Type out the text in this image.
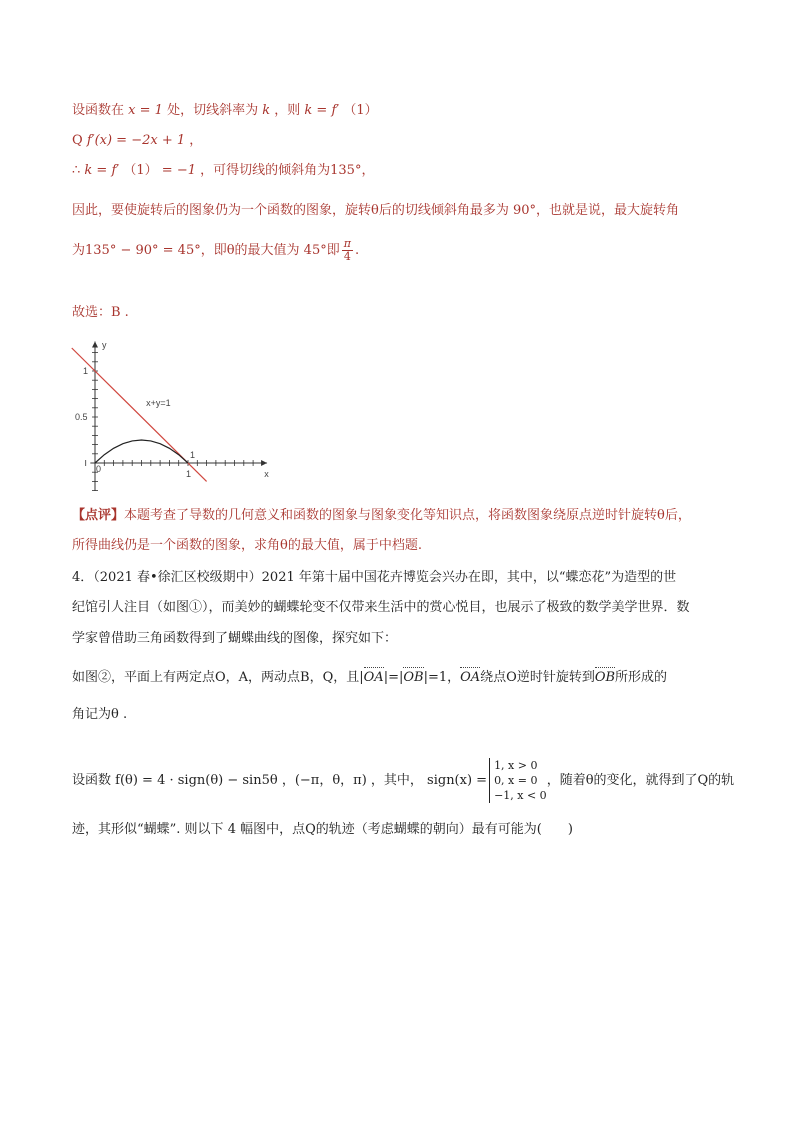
设函数在 x = 1 处，切线斜率为 k ，则 k = f′ （1）
Q f′(x) = −2x + 1 ，
∴ k = f′ （1） = −1 ，可得切线的倾斜角为135°，
因此，要使旋转后的图象仍为一个函数的图象，旋转θ后的切线倾斜角最多为 90°，也就是说，最大旋转角
为135° − 90° = 45°，即θ的最大值为 45°即 $\frac{\pi}{4}$ .
故选：B .
1
0.5
1
0
1
x
y
x+y=1
【点评】本题考查了导数的几何意义和函数的图象与图象变化等知识点，将函数图象绕原点逆时针旋转θ后，
所得曲线仍是一个函数的图象，求角θ的最大值，属于中档题.
4．（2021 春•徐汇区校级期中）2021 年第十届中国花卉博览会兴办在即，其中，以“蝶恋花”为造型的世
纪馆引人注目（如图①），而美妙的蝴蝶轮变不仅带来生活中的赏心悦目，也展示了极致的数学美学世界．数
学家曾借助三角函数得到了蝴蝶曲线的图像，探究如下：
如图②，平面上有两定点O，A，两动点B，Q，且|OA|=|OB|=1，OA绕点O逆时针旋转到OB所形成的
角记为θ .
设函数 f(θ) = 4 · sign(θ) − sin5θ ，(−π，θ，π) ，其中， sign(x) =
1, x > 0
0, x = 0
−1, x < 0
，随着θ的变化，就得到了Q的轨
迹，其形似“蝴蝶”. 则以下 4 幅图中，点Q的轨迹（考虑蝴蝶的朝向）最有可能为(　　)
